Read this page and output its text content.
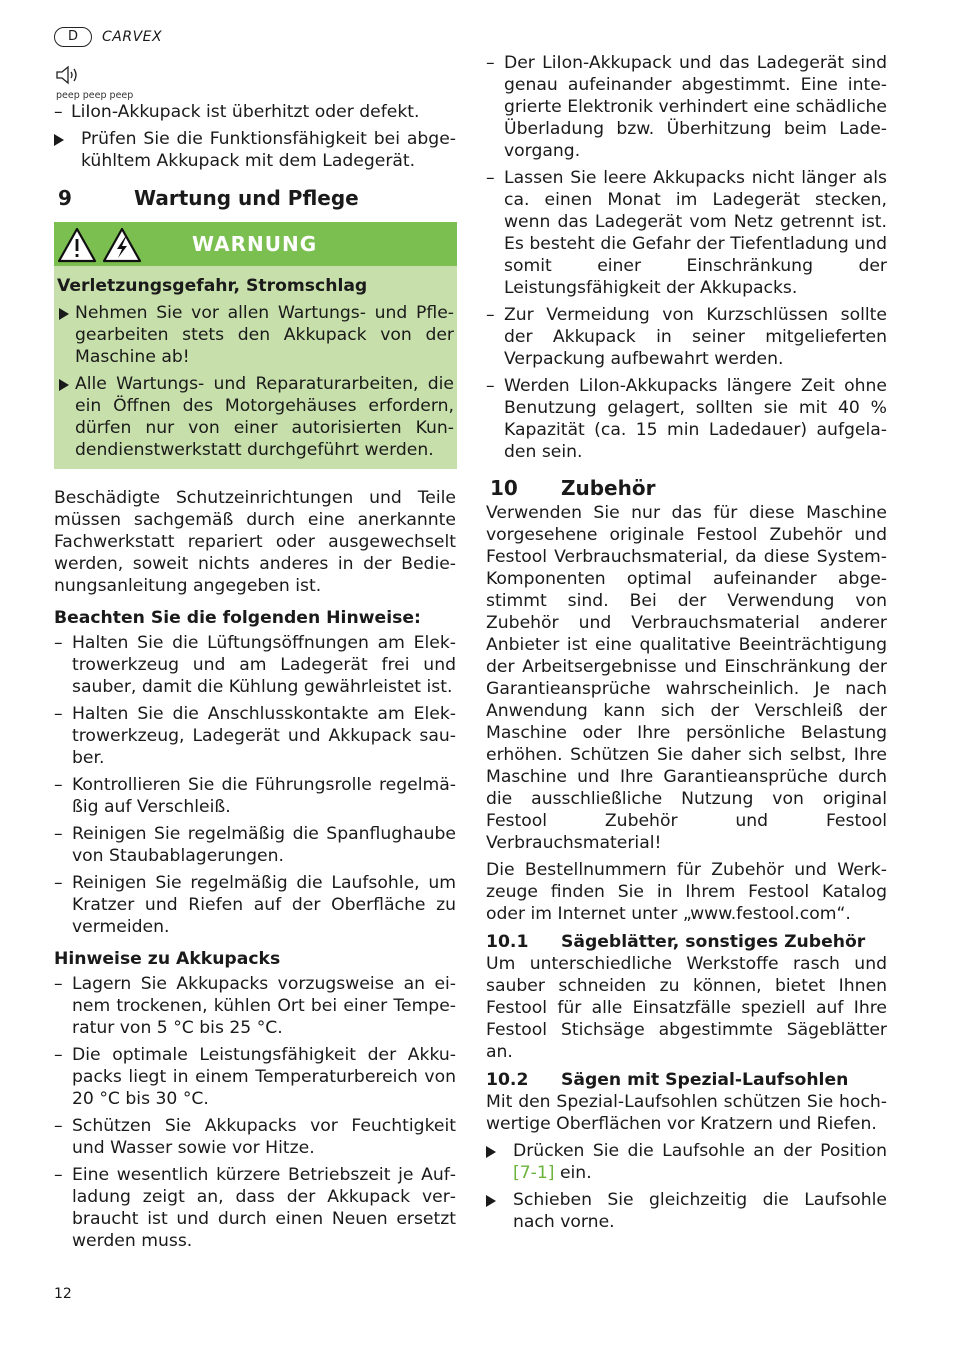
D	CARVEX
peep peep peep
– LiIon-Akkupack ist überhitzt oder defekt.
Prüfen Sie die Funktionsfähigkeit bei abgekühltem Akkupack mit dem Ladegerät.
9	Wartung und Pflege
WARNUNG
Verletzungsgefahr, Stromschlag
Nehmen Sie vor allen Wartungs- und Pflegearbeiten stets den Akkupack von der Maschine ab!
Alle Wartungs- und Reparaturarbeiten, die ein Öffnen des Motorgehäuses erfordern, dürfen nur von einer autorisierten Kundendienstwerkstatt durchgeführt werden.

Beschädigte Schutzeinrichtungen und Teile müssen sachgemäß durch eine anerkannte Fachwerkstatt repariert oder ausgewechselt werden, soweit nichts anderes in der Bedienungsanleitung angegeben ist.

Beachten Sie die folgenden Hinweise:
– Halten Sie die Lüftungsöffnungen am Elektrowerkzeug und am Ladegerät frei und sauber, damit die Kühlung gewährleistet ist.
– Halten Sie die Anschlusskontakte am Elektrowerkzeug, Ladegerät und Akkupack sauber.
– Kontrollieren Sie die Führungsrolle regelmäßig auf Verschleiß.
– Reinigen Sie regelmäßig die Spanflughaube von Staubablagerungen.
– Reinigen Sie regelmäßig die Laufsohle, um Kratzer und Riefen auf der Oberfläche zu vermeiden.
Hinweise zu Akkupacks
– Lagern Sie Akkupacks vorzugsweise an einem trockenen, kühlen Ort bei einer Temperatur von 5 °C bis 25 °C.
– Die optimale Leistungsfähigkeit der Akkupacks liegt in einem Temperaturbereich von 20 °C bis 30 °C.
– Schützen Sie Akkupacks vor Feuchtigkeit und Wasser sowie vor Hitze.
– Eine wesentlich kürzere Betriebszeit je Aufladung zeigt an, dass der Akkupack verbraucht ist und durch einen Neuen ersetzt werden muss.
– Der LiIon-Akkupack und das Ladegerät sind genau aufeinander abgestimmt. Eine integrierte Elektronik verhindert eine schädliche Überladung bzw. Überhitzung beim Ladevorgang.
– Lassen Sie leere Akkupacks nicht länger als ca. einen Monat im Ladegerät stecken, wenn das Ladegerät vom Netz getrennt ist. Es besteht die Gefahr der Tiefentladung und somit einer Einschränkung der Leistungsfähigkeit der Akkupacks.
– Zur Vermeidung von Kurzschlüssen sollte der Akkupack in seiner mitgelieferten Verpackung aufbewahrt werden.
– Werden LiIon-Akkupacks längere Zeit ohne Benutzung gelagert, sollten sie mit 40 % Kapazität (ca. 15 min Ladedauer) aufgeladen sein.
10	Zubehör

Verwenden Sie nur das für diese Maschine vorgesehene originale Festool Zubehör und Festool Verbrauchsmaterial, da diese System-Komponenten optimal aufeinander abgestimmt sind. Bei der Verwendung von Zubehör und Verbrauchsmaterial anderer Anbieter ist eine qualitative Beeinträchtigung der Arbeitsergebnisse und Einschränkung der Garantieansprüche wahrscheinlich. Je nach Anwendung kann sich der Verschleiß der Maschine oder Ihre persönliche Belastung erhöhen. Schützen Sie daher sich selbst, Ihre Maschine und Ihre Garantieansprüche durch die ausschließliche Nutzung von original Festool Zubehör und Festool Verbrauchsmaterial!

Die Bestellnummern für Zubehör und Werkzeuge finden Sie in Ihrem Festool Katalog oder im Internet unter „www.festool.com“.

10.1	Sägeblätter, sonstiges Zubehör

Um unterschiedliche Werkstoffe rasch und sauber schneiden zu können, bietet Ihnen Festool für alle Einsatzfälle speziell auf Ihre Festool Stichsäge abgestimmte Sägeblätter an.

10.2	Sägen mit Spezial-Laufsohlen

Mit den Spezial-Laufsohlen schützen Sie hochwertige Oberflächen vor Kratzern und Riefen.

Drücken Sie die Laufsohle an der Position [7-1] ein.
Schieben Sie gleichzeitig die Laufsohle nach vorne.
12
